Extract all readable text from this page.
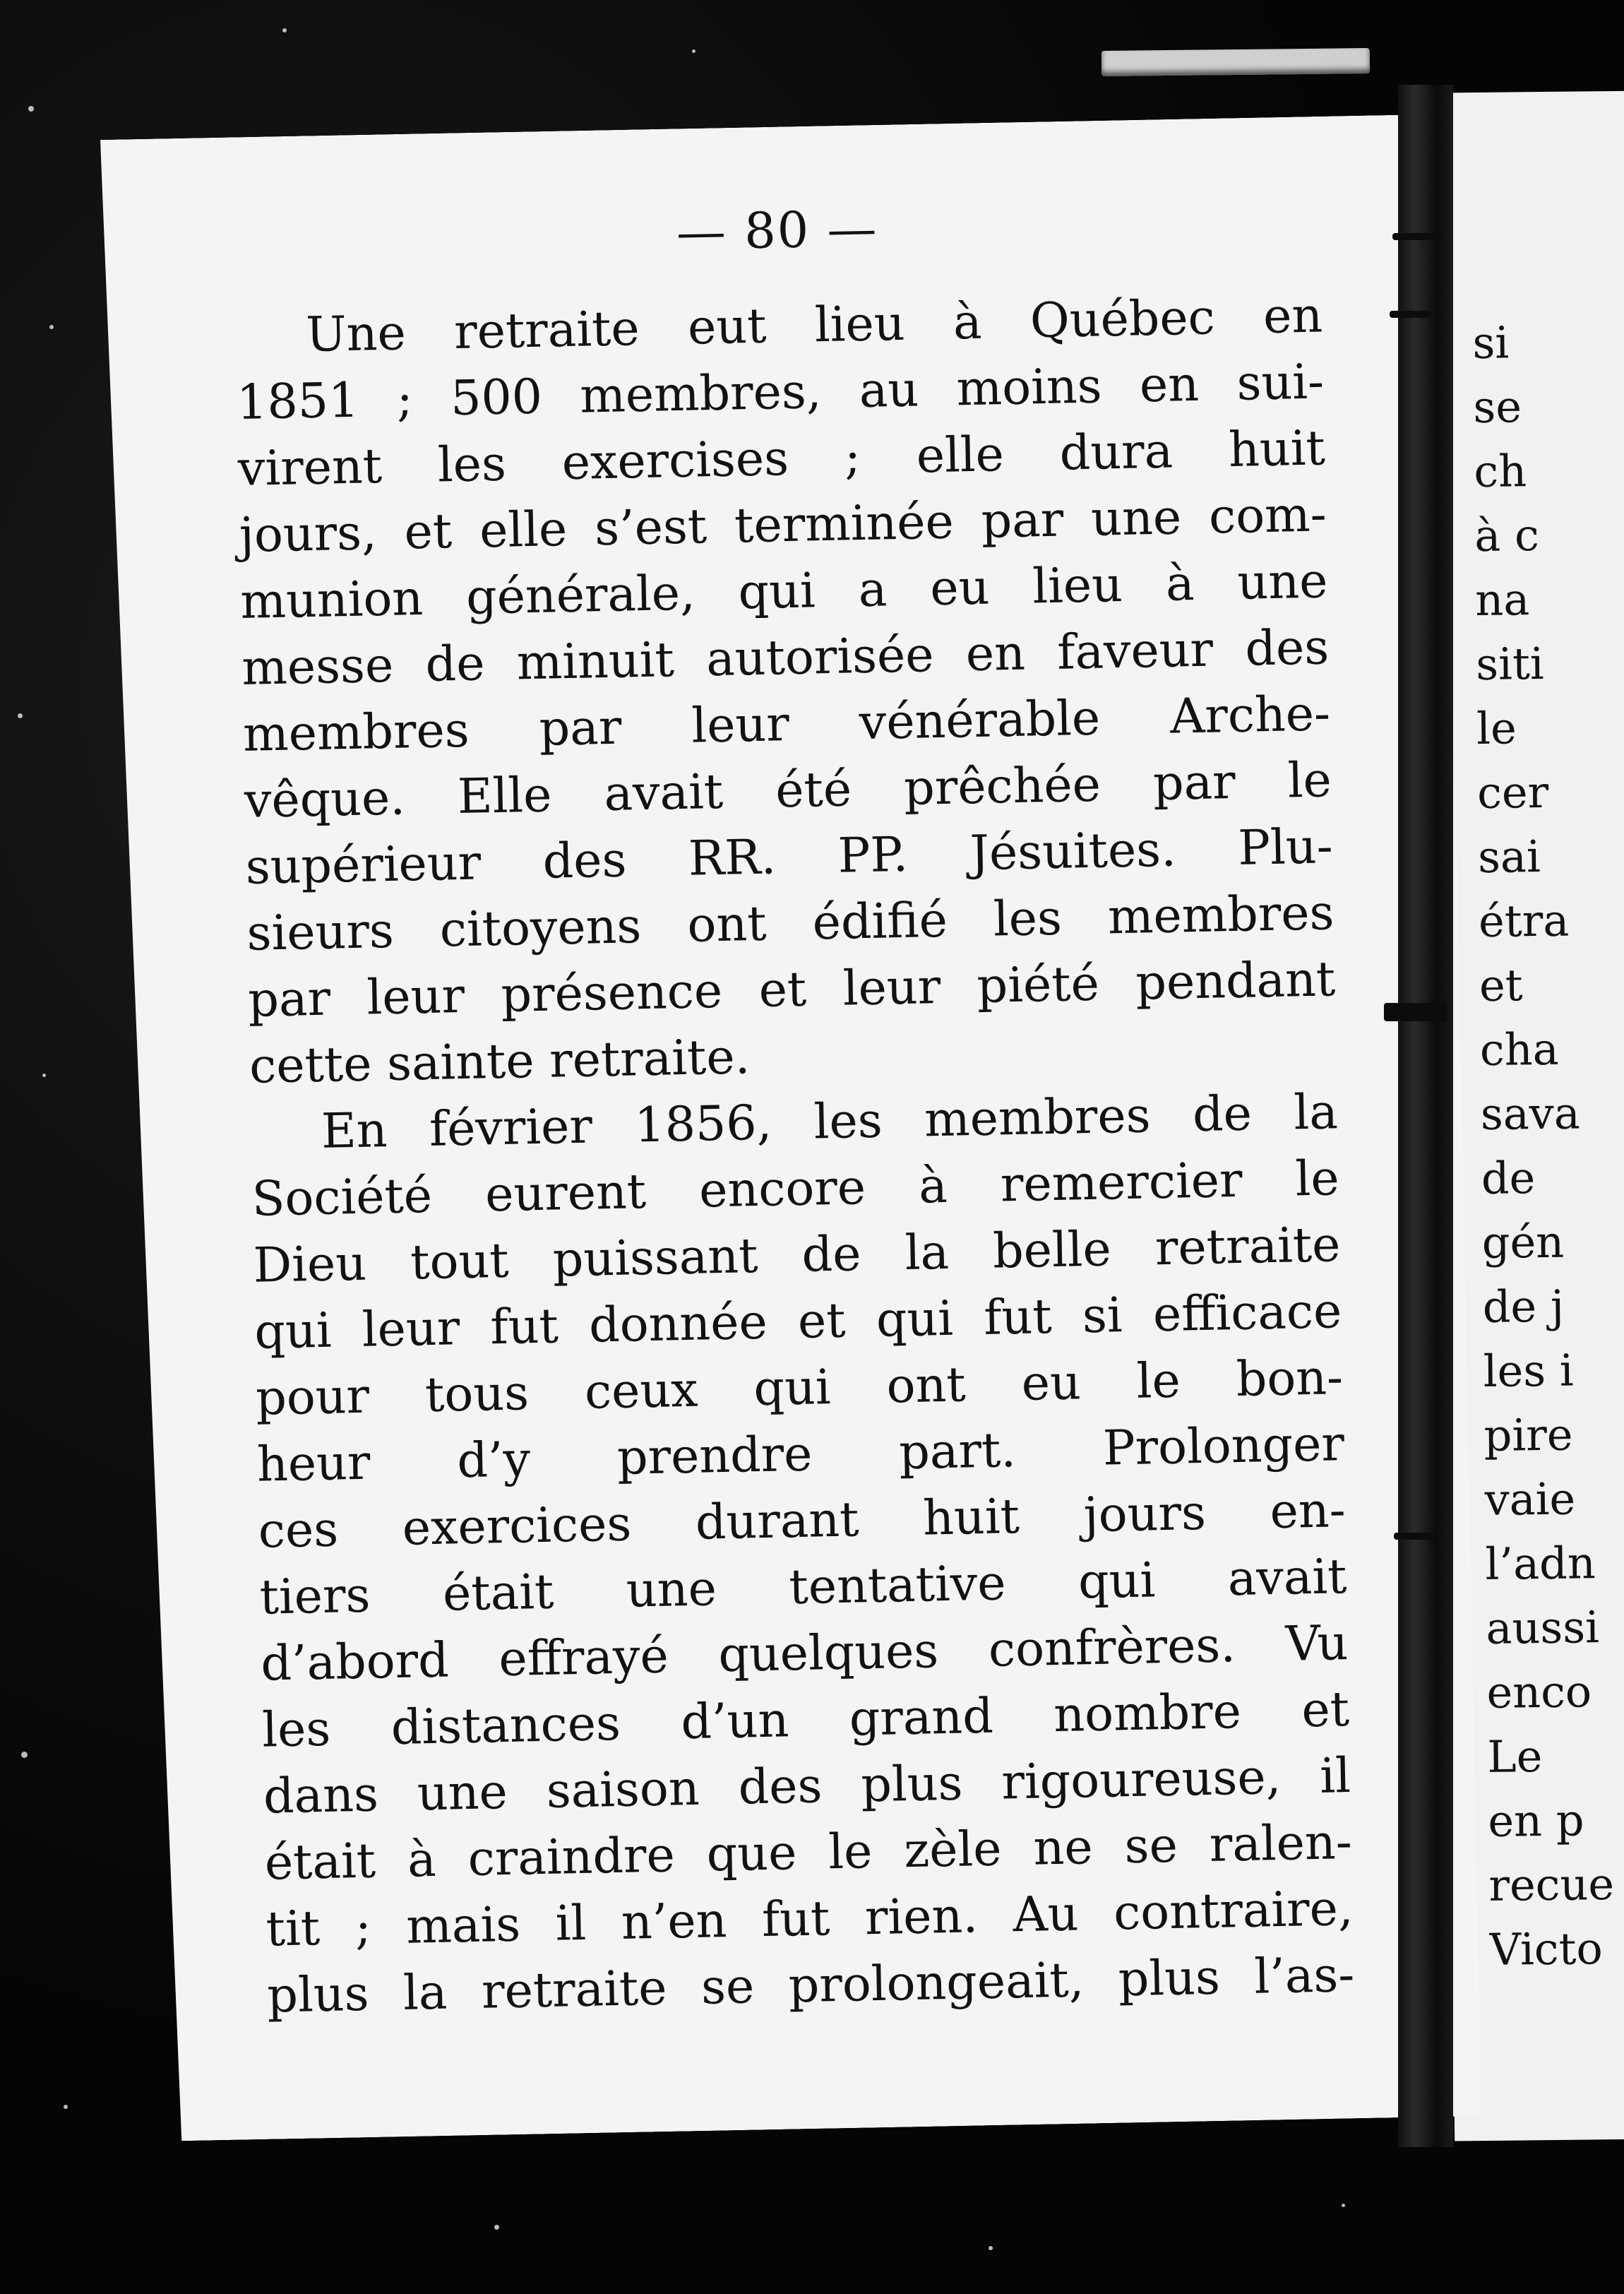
— 80 —
Une retraite eut lieu à Québec en
1851 ; 500 membres, au moins en sui-
virent les exercises ; elle dura huit
jours, et elle s’est terminée par une com-
munion générale, qui a eu lieu à une
messe de minuit autorisée en faveur des
membres par leur vénérable Arche-
vêque. Elle avait été prêchée par le
supérieur des RR. PP. Jésuites. Plu-
sieurs citoyens ont édifié les membres
par leur présence et leur piété pendant
cette sainte retraite.
En février 1856, les membres de la
Société eurent encore à remercier le
Dieu tout puissant de la belle retraite
qui leur fut donnée et qui fut si efficace
pour tous ceux qui ont eu le bon-
heur d’y prendre part. Prolonger
ces exercices durant huit jours en-
tiers était une tentative qui avait
d’abord effrayé quelques confrères. Vu
les distances d’un grand nombre et
dans une saison des plus rigoureuse, il
était à craindre que le zèle ne se ralen-
tit ; mais il n’en fut rien. Au contraire,
plus la retraite se prolongeait, plus l’as-
si
se
ch
à c
na
siti
le
cer
sai
étra
et
cha
sava
de
gén
de j
les i
pire
vaie
l’adn
aussi
enco
Le
en p
recue
Victo
